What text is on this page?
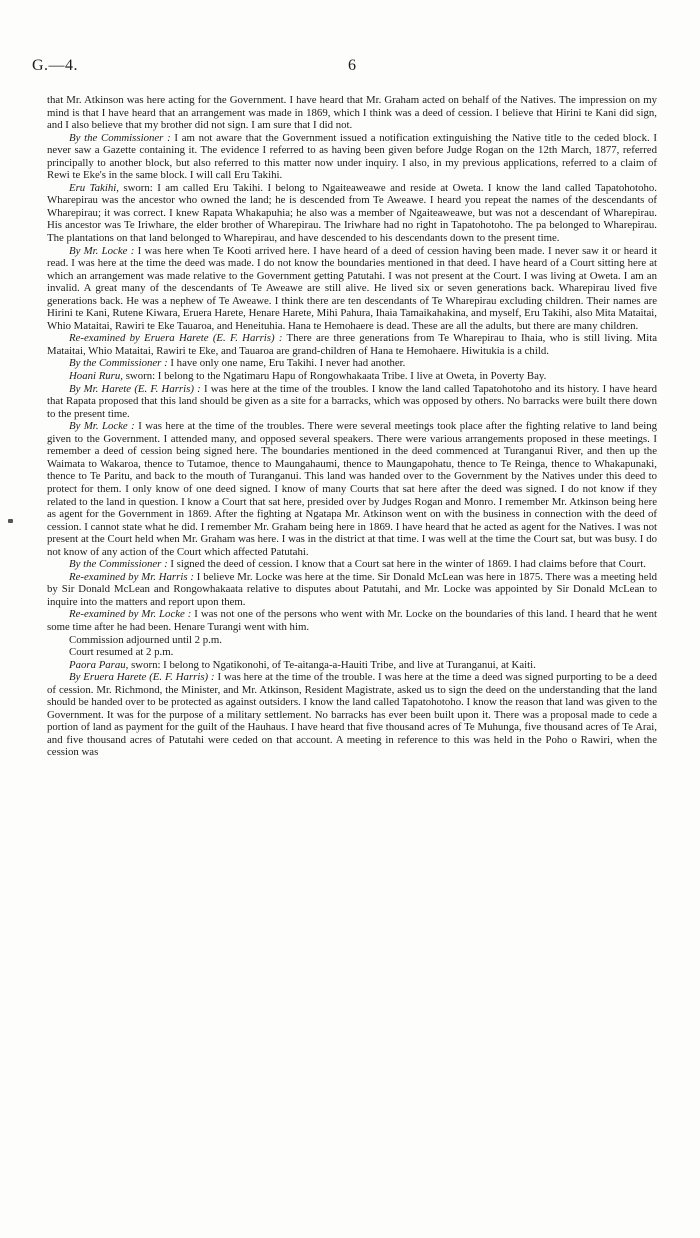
G.—4.	6

that Mr. Atkinson was here acting for the Government. I have heard that Mr. Graham acted on behalf of the Natives. The impression on my mind is that I have heard that an arrangement was made in 1869, which I think was a deed of cession. I believe that Hirini te Kani did sign, and I also believe that my brother did not sign. I am sure that I did not.

By the Commissioner : I am not aware that the Government issued a notification extinguishing the Native title to the ceded block. I never saw a Gazette containing it. The evidence I referred to as having been given before Judge Rogan on the 12th March, 1877, referred principally to another block, but also referred to this matter now under inquiry. I also, in my previous applications, referred to a claim of Rewi te Eke's in the same block. I will call Eru Takihi.

Eru Takihi, sworn: I am called Eru Takihi. I belong to Ngaiteaweawe and reside at Oweta. I know the land called Tapatohotoho. Wharepirau was the ancestor who owned the land; he is descended from Te Aweawe. I heard you repeat the names of the descendants of Wharepirau; it was correct. I knew Rapata Whakapuhia; he also was a member of Ngaiteaweawe, but was not a descendant of Wharepirau. His ancestor was Te Iriwhare, the elder brother of Wharepirau. The Iriwhare had no right in Tapatohotoho. The pa belonged to Wharepirau. The plantations on that land belonged to Wharepirau, and have descended to his descendants down to the present time.

By Mr. Locke : I was here when Te Kooti arrived here. I have heard of a deed of cession having been made. I never saw it or heard it read. I was here at the time the deed was made. I do not know the boundaries mentioned in that deed. I have heard of a Court sitting here at which an arrangement was made relative to the Government getting Patutahi. I was not present at the Court. I was living at Oweta. I am an invalid. A great many of the descendants of Te Aweawe are still alive. He lived six or seven generations back. Wharepirau lived five generations back. He was a nephew of Te Aweawe. I think there are ten descendants of Te Wharepirau excluding children. Their names are Hirini te Kani, Rutene Kiwara, Eruera Harete, Henare Harete, Mihi Pahura, Ihaia Tamaikahakina, and myself, Eru Takihi, also Mita Mataitai, Whio Mataitai, Rawiri te Eke Tauaroa, and Heneituhia. Hana te Hemohaere is dead. These are all the adults, but there are many children.

Re-examined by Eruera Harete (E. F. Harris) : There are three generations from Te Wharepirau to Ihaia, who is still living. Mita Mataitai, Whio Mataitai, Rawiri te Eke, and Tauaroa are grand-children of Hana te Hemohaere. Hiwitukia is a child.

By the Commissioner : I have only one name, Eru Takihi. I never had another.

Hoani Ruru, sworn: I belong to the Ngatimaru Hapu of Rongowhakaata Tribe. I live at Oweta, in Poverty Bay.

By Mr. Harete (E. F. Harris) : I was here at the time of the troubles. I know the land called Tapatohotoho and its history. I have heard that Rapata proposed that this land should be given as a site for a barracks, which was opposed by others. No barracks were built there down to the present time.

By Mr. Locke : I was here at the time of the troubles. There were several meetings took place after the fighting relative to land being given to the Government. I attended many, and opposed several speakers. There were various arrangements proposed in these meetings. I remember a deed of cession being signed here. The boundaries mentioned in the deed commenced at Turanganui River, and then up the Waimata to Wakaroa, thence to Tutamoe, thence to Maungahaumi, thence to Maungapohatu, thence to Te Reinga, thence to Whakapunaki, thence to Te Paritu, and back to the mouth of Turanganui. This land was handed over to the Government by the Natives under this deed to protect for them. I only know of one deed signed. I know of many Courts that sat here after the deed was signed. I do not know if they related to the land in question. I know a Court that sat here, presided over by Judges Rogan and Monro. I remember Mr. Atkinson being here as agent for the Government in 1869. After the fighting at Ngatapa Mr. Atkinson went on with the business in connection with the deed of cession. I cannot state what he did. I remember Mr. Graham being here in 1869. I have heard that he acted as agent for the Natives. I was not present at the Court held when Mr. Graham was here. I was in the district at that time. I was well at the time the Court sat, but was busy. I do not know of any action of the Court which affected Patutahi.

By the Commissioner : I signed the deed of cession. I know that a Court sat here in the winter of 1869. I had claims before that Court.

Re-examined by Mr. Harris : I believe Mr. Locke was here at the time. Sir Donald McLean was here in 1875. There was a meeting held by Sir Donald McLean and Rongowhakaata relative to disputes about Patutahi, and Mr. Locke was appointed by Sir Donald McLean to inquire into the matters and report upon them.

Re-examined by Mr. Locke : I was not one of the persons who went with Mr. Locke on the boundaries of this land. I heard that he went some time after he had been. Henare Turangi went with him.

Commission adjourned until 2 p.m.

Court resumed at 2 p.m.

Paora Parau, sworn: I belong to Ngatikonohi, of Te-aitanga-a-Hauiti Tribe, and live at Turanganui, at Kaiti.

By Eruera Harete (E. F. Harris) : I was here at the time of the trouble. I was here at the time a deed was signed purporting to be a deed of cession. Mr. Richmond, the Minister, and Mr. Atkinson, Resident Magistrate, asked us to sign the deed on the understanding that the land should be handed over to be protected as against outsiders. I know the land called Tapatohotoho. I know the reason that land was given to the Government. It was for the purpose of a military settlement. No barracks has ever been built upon it. There was a proposal made to cede a portion of land as payment for the guilt of the Hauhaus. I have heard that five thousand acres of Te Muhunga, five thousand acres of Te Arai, and five thousand acres of Patutahi were ceded on that account. A meeting in reference to this was held in the Poho o Rawiri, when the cession was
